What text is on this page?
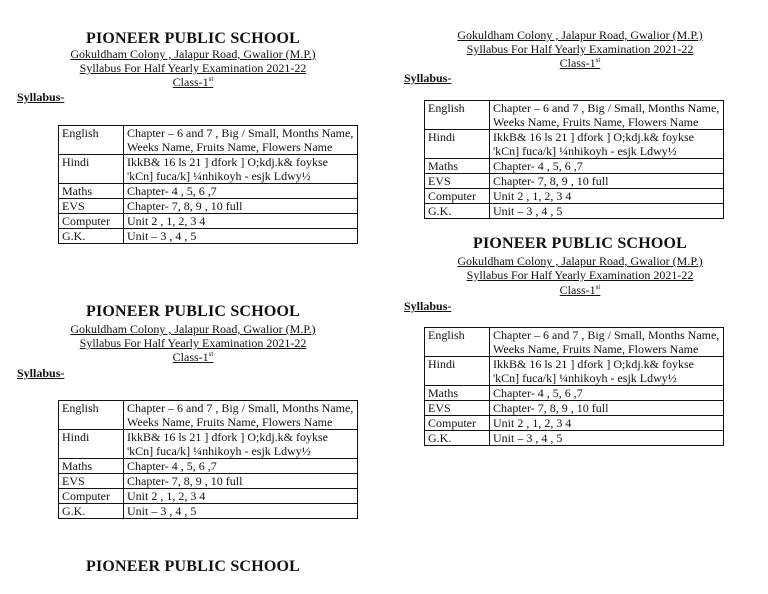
PIONEER PUBLIC SCHOOL
Gokuldham Colony , Jalapur Road, Gwalior (M.P.)
Syllabus For Half Yearly Examination 2021-22
Class-1st
Syllabus-
English	Chapter – 6 and 7 , Big / Small, Months Name, Weeks Name, Fruits Name, Flowers Name
Hindi	IkkB& 16 ls 21 ] dfork ] O;kdj.k& foykse 'kCn] fuca/k] ¼nhikoyh - esjk Ldwy½
Maths	Chapter- 4 , 5, 6 ,7
EVS	Chapter- 7, 8, 9 , 10 full
Computer	Unit 2 , 1, 2, 3 4
G.K.	Unit – 3 , 4 , 5
PIONEER PUBLIC SCHOOL
Gokuldham Colony , Jalapur Road, Gwalior (M.P.)
Syllabus For Half Yearly Examination 2021-22
Class-1st
Syllabus-
English	Chapter – 6 and 7 , Big / Small, Months Name, Weeks Name, Fruits Name, Flowers Name
Hindi	IkkB& 16 ls 21 ] dfork ] O;kdj.k& foykse 'kCn] fuca/k] ¼nhikoyh - esjk Ldwy½
Maths	Chapter- 4 , 5, 6 ,7
EVS	Chapter- 7, 8, 9 , 10 full
Computer	Unit 2 , 1, 2, 3 4
G.K.	Unit – 3 , 4 , 5
PIONEER PUBLIC SCHOOL
Gokuldham Colony , Jalapur Road, Gwalior (M.P.)
Syllabus For Half Yearly Examination 2021-22
Class-1st
Syllabus-
English	Chapter – 6 and 7 , Big / Small, Months Name, Weeks Name, Fruits Name, Flowers Name
Hindi	IkkB& 16 ls 21 ] dfork ] O;kdj.k& foykse 'kCn] fuca/k] ¼nhikoyh - esjk Ldwy½
Maths	Chapter- 4 , 5, 6 ,7
EVS	Chapter- 7, 8, 9 , 10 full
Computer	Unit 2 , 1, 2, 3 4
G.K.	Unit – 3 , 4 , 5
PIONEER PUBLIC SCHOOL
Gokuldham Colony , Jalapur Road, Gwalior (M.P.)
Syllabus For Half Yearly Examination 2021-22
Class-1st
Syllabus-
English	Chapter – 6 and 7 , Big / Small, Months Name, Weeks Name, Fruits Name, Flowers Name
Hindi	IkkB& 16 ls 21 ] dfork ] O;kdj.k& foykse 'kCn] fuca/k] ¼nhikoyh - esjk Ldwy½
Maths	Chapter- 4 , 5, 6 ,7
EVS	Chapter- 7, 8, 9 , 10 full
Computer	Unit 2 , 1, 2, 3 4
G.K.	Unit – 3 , 4 , 5
